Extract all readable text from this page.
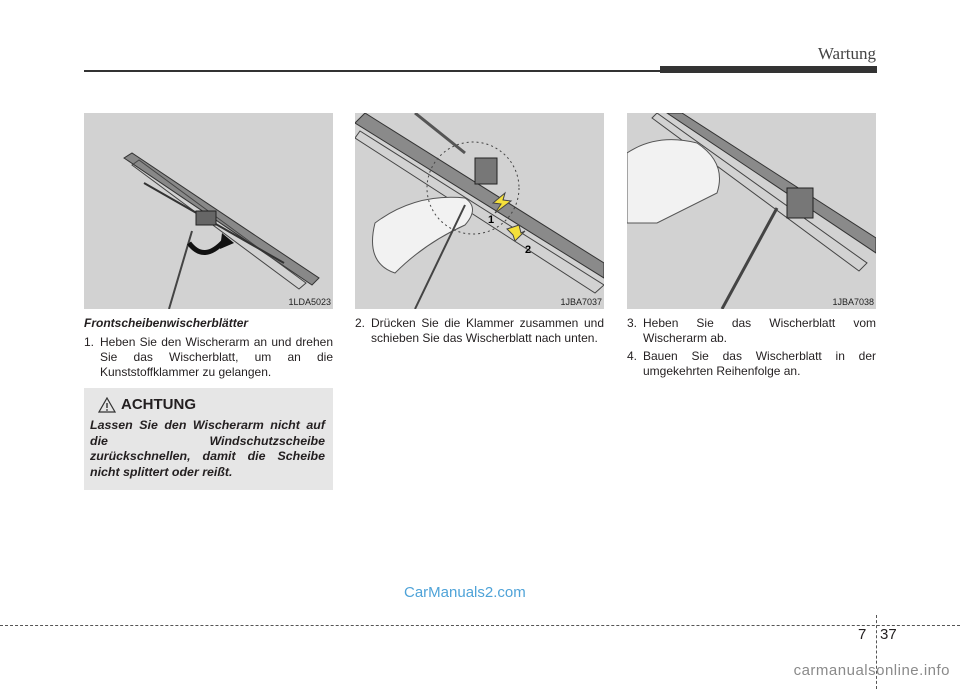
Wartung
1LDA5023
1
2
1JBA7037	1JBA7038
Frontscheibenwischerblätter
1. Heben Sie den Wischerarm an und drehen Sie das Wischerblatt, um an die Kunststoffklammer zu gelangen.
2. Drücken Sie die Klammer zusammen und schieben Sie das Wischerblatt nach unten.
3. Heben Sie das Wischerblatt vom Wischerarm ab.
4. Bauen Sie das Wischerblatt in der umgekehrten Reihenfolge an.
ACHTUNG
Lassen Sie den Wischerarm nicht auf die Windschutzscheibe zurückschnellen, damit die Scheibe nicht splittert oder reißt.
CarManuals2.com
7 37
carmanualsonline.info
